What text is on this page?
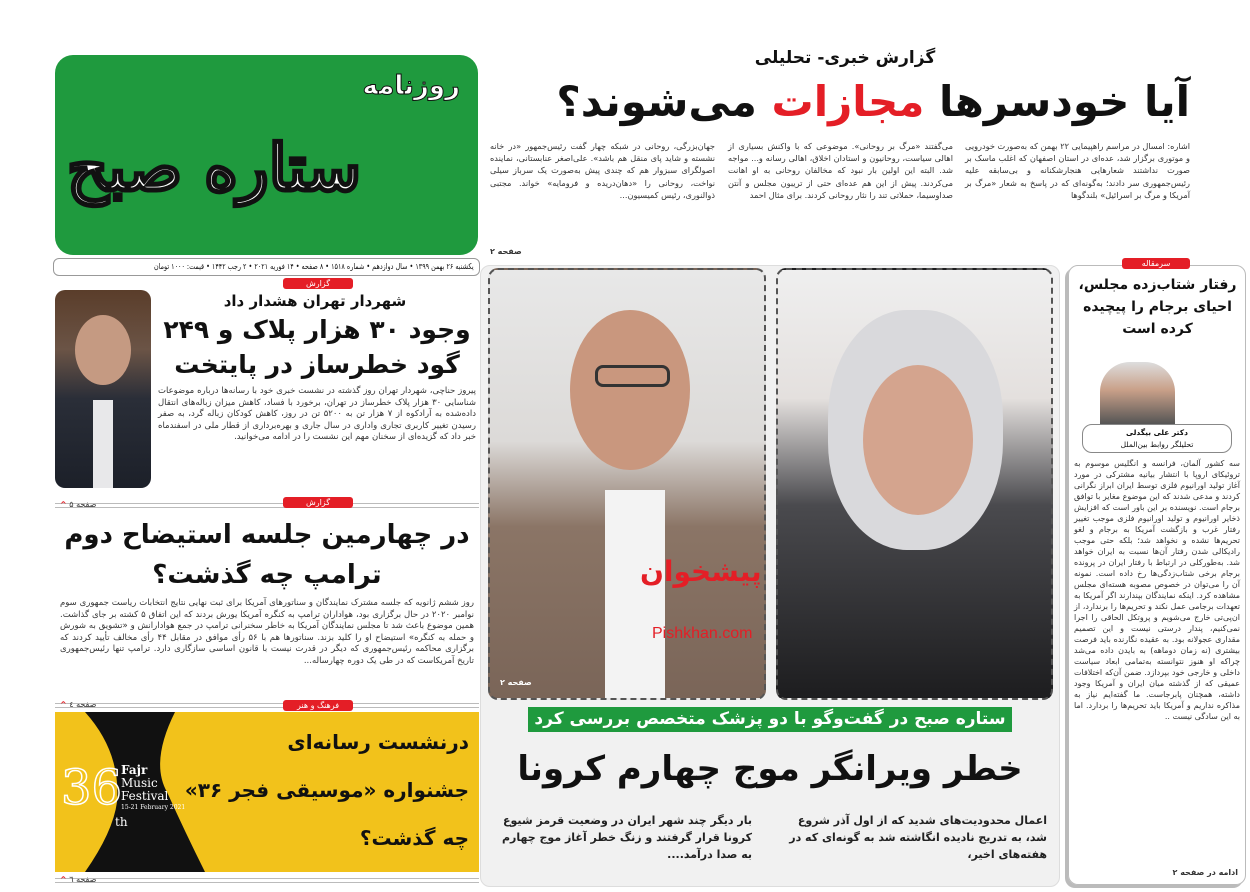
ستاره صبح
روزنامه
یکشنبه ۲۶ بهمن ۱۳۹۹ • سال دوازدهم • شماره ۱۵۱۸ • ۸ صفحه • ۱۴ فوریه ۲۰۲۱ • ۲ رجب ۱۴۴۲ • قیمت: ۱۰۰۰ تومان
گزارش خبری- تحلیلی
آیا خودسرها مجازات می‌شوند؟
اشاره: امسال در مراسم راهپیمایی ۲۲ بهمن که به‌صورت خودرویی و موتوری برگزار شد، عده‌ای در استان اصفهان که اغلب ماسک بر صورت نداشتند شعارهایی هنجارشکنانه و بی‌سابقه علیه رئیس‌جمهوری سر دادند؛ به‌گونه‌ای که در پاسخ به شعار «مرگ بر آمریکا و مرگ بر اسرائیل» بلندگوها
می‌گفتند «مرگ بر روحانی». موضوعی که با واکنش بسیاری از اهالی سیاست، روحانیون و استادان اخلاق، اهالی رسانه و... مواجه شد. البته این اولین بار نبود که مخالفان روحانی به او اهانت می‌کردند. پیش از این هم عده‌ای حتی از تریبون مجلس و آنتن صداوسیما، حملاتی تند را نثار روحانی کردند. برای مثال احمد
جهان‌بزرگی، روحانی در شبکه چهار گفت رئیس‌جمهور «در خانه نشسته و شاید پای منقل هم باشد». علی‌اصغر عنابستانی، نماینده اصولگرای سبزوار هم که چندی پیش به‌صورت یک سرباز سیلی نواخت، روحانی را «دهان‌دریده و فرومایه» خواند. مجتبی ذوالنوری، رئیس کمیسیون...
صفحه ۲
گزارش
شهردار تهران هشدار داد
وجود ۳۰ هزار پلاک و ۲۴۹
گود خطرساز در پایتخت
پیروز حناچی، شهردار تهران روز گذشته در نشست خبری خود با رسانه‌ها درباره موضوعات شناسایی ۳۰ هزار پلاک خطرساز در تهران، برخورد با فساد، کاهش میزان زباله‌های انتقال داده‌شده به آرادکوه از ۷ هزار تن به ۵۲۰۰ تن در روز، کاهش کودکان زباله گرد، به صفر رسیدن تغییر کاربری تجاری واداری در سال جاری و بهره‌برداری از قطار ملی در اسفندماه خبر داد که گزیده‌ای از سخنان مهم این نشست را در ادامه می‌خوانید.
صفحه ۵ ^	گزارش
در چهارمین جلسه استیضاح دوم
ترامپ چه گذشت؟
روز ششم ژانویه که جلسه مشترک نمایندگان و سناتورهای آمریکا برای ثبت نهایی نتایج انتخابات ریاست جمهوری سوم نوامبر ۲۰۲۰ در حال برگزاری بود، هواداران ترامپ به کنگره آمریکا یورش بردند که این اتفاق ۵ کشته بر جای گذاشت. همین موضوع باعث شد تا مجلس نمایندگان آمریکا به خاطر سخنرانی ترامپ در جمع هوادارانش و «تشویق به شورش و حمله به کنگره» استیضاح او را کلید بزند. سناتورها هم با ۵۶ رأی موافق در مقابل ۴۴ رأی مخالف تأیید کردند که برگزاری محاکمه رئیس‌جمهوری که دیگر در قدرت نیست با قانون اساسی سازگاری دارد. ترامپ تنها رئیس‌جمهوری تاریخ آمریکاست که در طی یک دوره چهارساله...
صفحه ٤ ^	فرهنگ و هنر
36
th
Fajr
Music
Festival
15-21 February 2021
درنشست رسانه‌ای
جشنواره «موسیقی فجر ۳۶»
چه گذشت؟
صفحه ٦ ^
پیشخوان
Pishkhan.com
صفحه ۲
ستاره صبح در گفت‌وگو با دو پزشک متخصص بررسی کرد
خطر ویرانگر موج چهارم کرونا
اعمال محدودیت‌های شدید که از اول آذر شروع شد، به تدریج نادیده انگاشته شد به گونه‌ای که در هفته‌های اخیر،
بار دیگر چند شهر ایران در وضعیت قرمز شیوع کرونا قرار گرفتند و زنگ خطر آغاز موج چهارم به صدا درآمد....
سرمقاله
رفتار شتاب‌زده مجلس، احیای برجام را پیچیده کرده است
دکتر علی بیگدلی
تحلیلگر روابط بین‌الملل
سه کشور آلمان، فرانسه و انگلیس موسوم به تروئیکای اروپا با انتشار بیانیه مشترکی در مورد آغاز تولید اورانیوم فلزی توسط ایران ابراز نگرانی کردند و مدعی شدند که این موضوع مغایر با توافق برجام است. نویسنده بر این باور است که افزایش ذخایر اورانیوم و تولید اورانیوم فلزی موجب تغییر رفتار غرب و بازگشت آمریکا به برجام و لغو تحریم‌ها نشده و نخواهد شد؛ بلکه حتی موجب رادیکالی شدن رفتار آن‌ها نسبت به ایران خواهد شد. به‌طورکلی در ارتباط با رفتار ایران در پرونده برجام برخی شتاب‌زدگی‌ها رخ داده است. نمونه آن را می‌توان در خصوص مصوبه هسته‌ای مجلس مشاهده کرد. اینکه نمایندگان بپندارند اگر آمریکا به تعهدات برجامی عمل نکند و تحریم‌ها را برندارد، از ان‌پی‌تی خارج می‌شویم و پروتکل الحاقی را اجرا نمی‌کنیم، پندار درستی نیست و این تصمیم مقداری عجولانه بود. به عقیده نگارنده باید فرصت بیشتری (نه زمان دوماهه) به بایدن داده می‌شد چراکه او هنوز نتوانسته به‌تمامی ابعاد سیاست داخلی و خارجی خود بپردازد. ضمن آن‌که اختلافات عمیقی که از گذشته میان ایران و آمریکا وجود داشته، همچنان پابرجاست. ما گفته‌ایم نیاز به مذاکره نداریم و آمریکا باید تحریم‌ها را بردارد. اما به این سادگی نیست ..
ادامه در صفحه ۲
